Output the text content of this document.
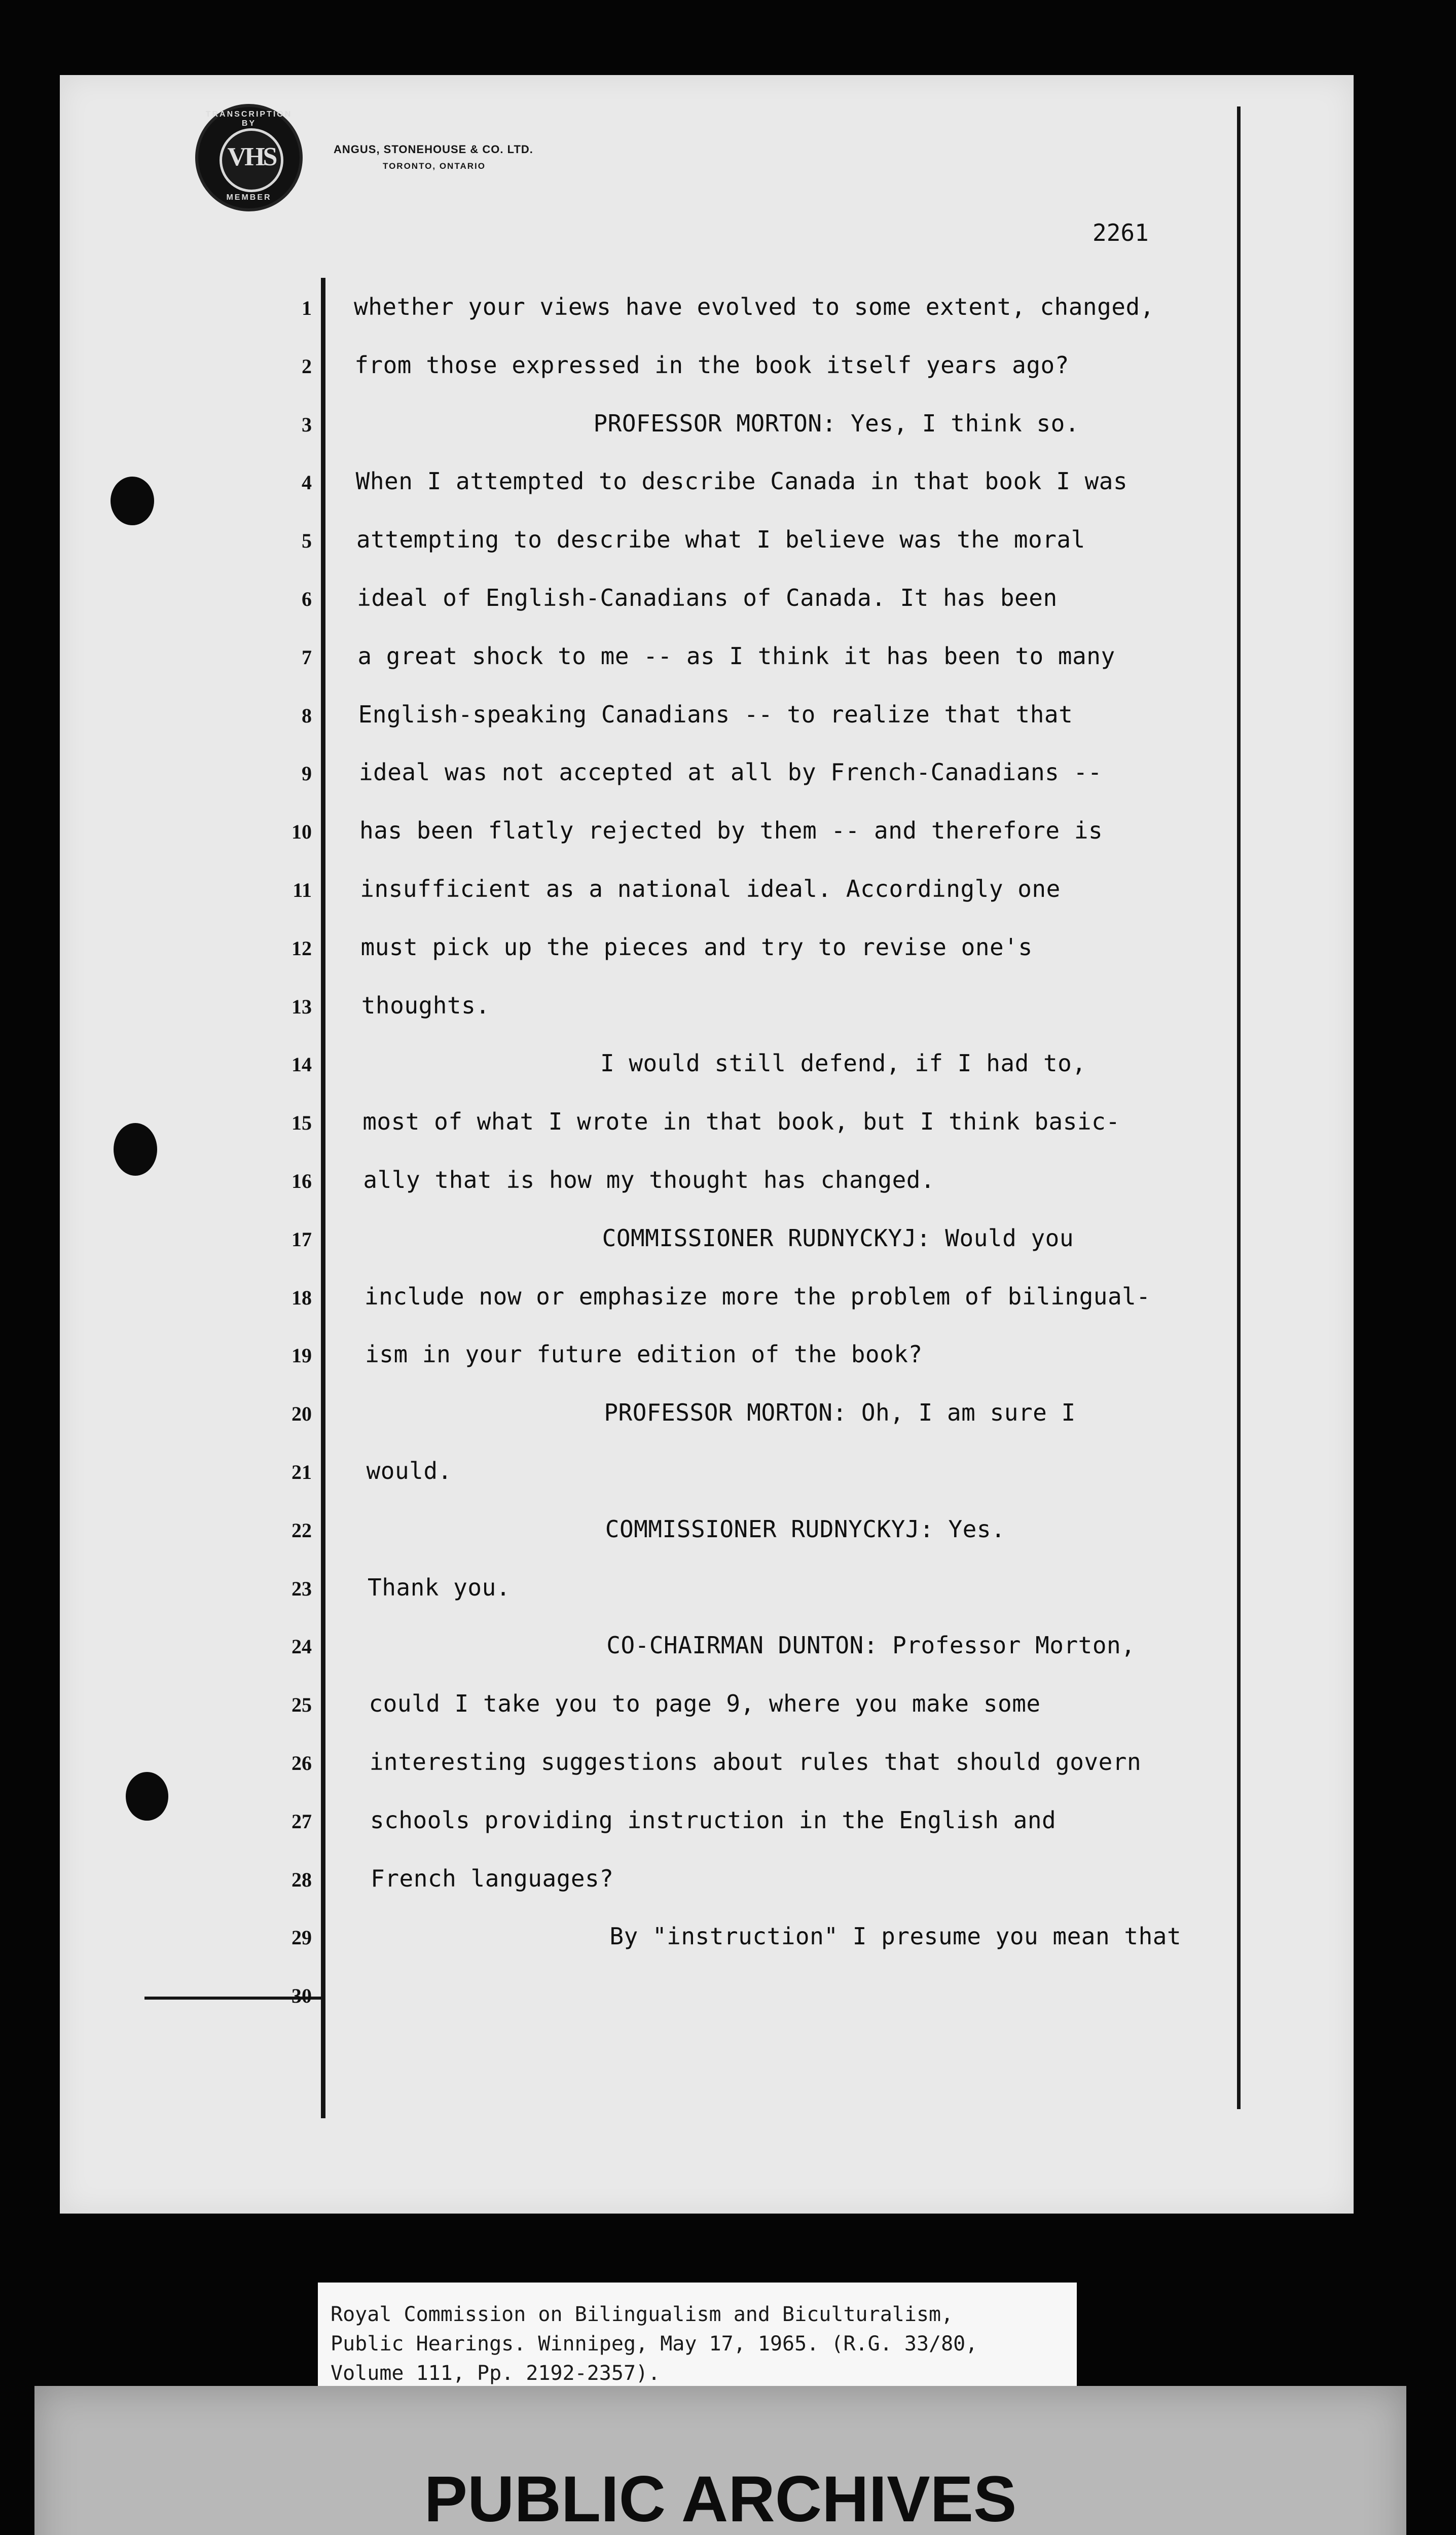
TRANSCRIPTION BY
VHS
MEMBER
ANGUS, STONEHOUSE & CO. LTD.
TORONTO, ONTARIO
2261
1 whether your views have evolved to some extent, changed,
2 from those expressed in the book itself years ago?
3	PROFESSOR MORTON: Yes, I think so.
4 When I attempted to describe Canada in that book I was
5 attempting to describe what I believe was the moral
6 ideal of English-Canadians of Canada. It has been
7 a great shock to me -- as I think it has been to many
8 English-speaking Canadians -- to realize that that
9 ideal was not accepted at all by French-Canadians --
10 has been flatly rejected by them -- and therefore is
11 insufficient as a national ideal. Accordingly one
12 must pick up the pieces and try to revise one's
13 thoughts.
14	I would still defend, if I had to,
15 most of what I wrote in that book, but I think basic-
16 ally that is how my thought has changed.
17	COMMISSIONER RUDNYCKYJ: Would you
18 include now or emphasize more the problem of bilingual-
19 ism in your future edition of the book?
20	PROFESSOR MORTON: Oh, I am sure I
21 would.
22	COMMISSIONER RUDNYCKYJ: Yes.
23 Thank you.
24	CO-CHAIRMAN DUNTON: Professor Morton,
25 could I take you to page 9, where you make some
26 interesting suggestions about rules that should govern
27 schools providing instruction in the English and
28	French languages?
29	By "instruction" I presume you mean that
30
Royal Commission on Bilingualism and Biculturalism,
Public Hearings. Winnipeg, May 17, 1965. (R.G. 33/80,
Volume 111, Pp. 2192-2357).
PUBLIC ARCHIVES
